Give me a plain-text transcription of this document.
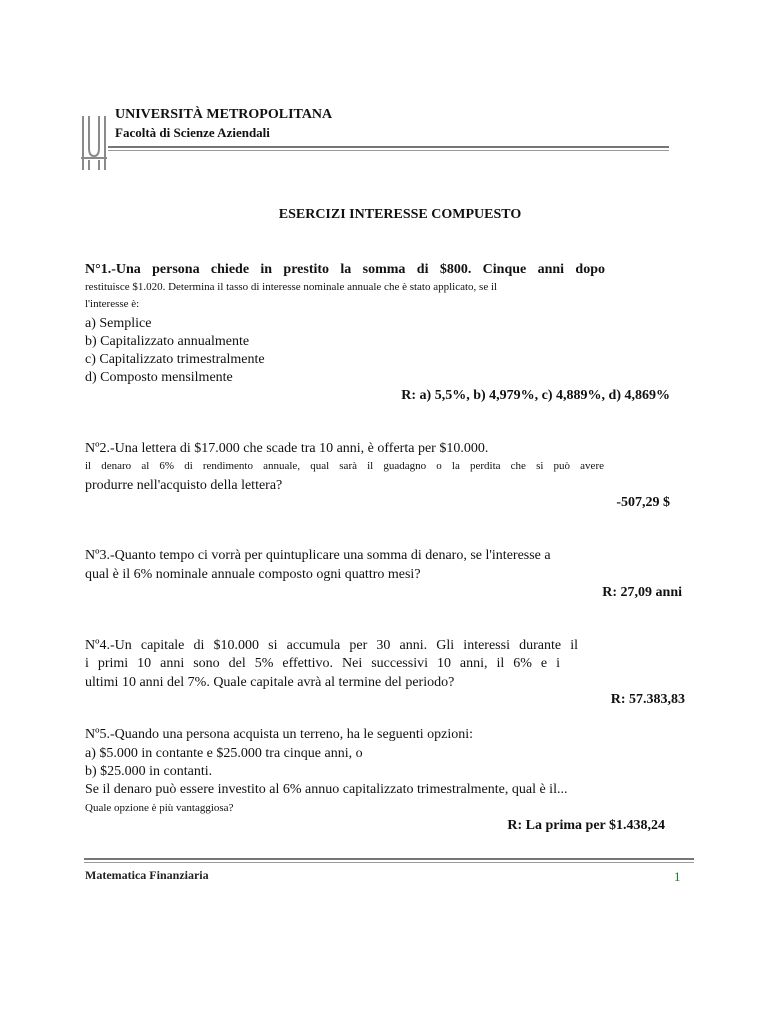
UNIVERSITÀ METROPOLITANA
Facoltà di Scienze Aziendali
ESERCIZI INTERESSE COMPUESTO
N°1.-Una persona chiede in prestito la somma di $800. Cinque anni dopo
restituisce $1.020. Determina il tasso di interesse nominale annuale che è stato applicato, se il
l'interesse è:
a) Semplice
b) Capitalizzato annualmente
c) Capitalizzato trimestralmente
d) Composto mensilmente
R: a) 5,5%, b) 4,979%, c) 4,889%, d) 4,869%
Nº2.-Una lettera di $17.000 che scade tra 10 anni, è offerta per $10.000.
il denaro al 6% di rendimento annuale, qual sarà il guadagno o la perdita che si può avere
produrre nell'acquisto della lettera?
-507,29 $
Nº3.-Quanto tempo ci vorrà per quintuplicare una somma di denaro, se l'interesse a
qual è il 6% nominale annuale composto ogni quattro mesi?
R: 27,09 anni
Nº4.-Un capitale di $10.000 si accumula per 30 anni. Gli interessi durante il
i primi 10 anni sono del 5% effettivo. Nei successivi 10 anni, il 6% e i
ultimi 10 anni del 7%. Quale capitale avrà al termine del periodo?
R: 57.383,83
Nº5.-Quando una persona acquista un terreno, ha le seguenti opzioni:
a) $5.000 in contante e $25.000 tra cinque anni, o
b) $25.000 in contanti.
Se il denaro può essere investito al 6% annuo capitalizzato trimestralmente, qual è il...
Quale opzione è più vantaggiosa?
R: La prima per $1.438,24
Matematica Finanziaria	1
